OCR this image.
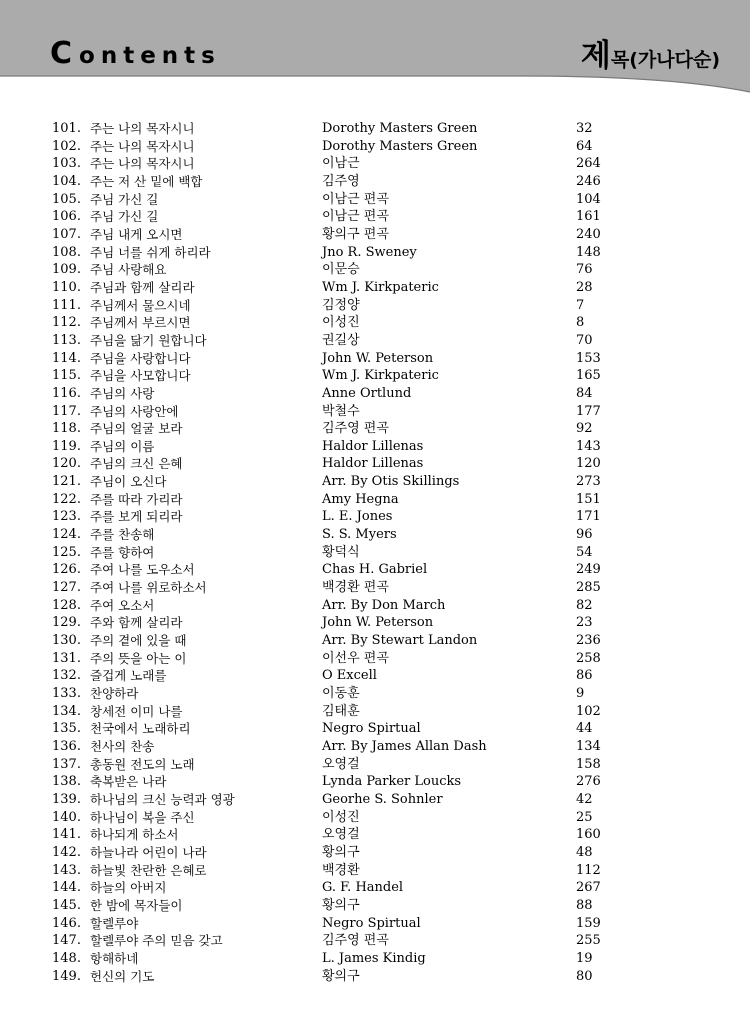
Contents	제목(가나다순)
101. 주는 나의 목자시니	Dorothy Masters Green	32
102. 주는 나의 목자시니	Dorothy Masters Green	64
103. 주는 나의 목자시니	이남근	264
104. 주는 저 산 밑에 백합	김주영	246
105. 주님 가신 길	이남근 편곡	104
106. 주님 가신 길	이남근 편곡	161
107. 주님 내게 오시면	황의구 편곡	240
108. 주님 너를 쉬게 하리라	Jno R. Sweney	148
109. 주님 사랑해요	이문승	76
110. 주님과 함께 살리라	Wm J. Kirkpateric	28
111. 주님께서 물으시네	김정양	7
112. 주님께서 부르시면	이성진	8
113. 주님을 닮기 원합니다	권길상	70
114. 주님을 사랑합니다	John W. Peterson	153
115. 주님을 사모합니다	Wm J. Kirkpateric	165
116. 주님의 사랑	Anne Ortlund	84
117. 주님의 사랑안에	박철수	177
118. 주님의 얼굴 보라	김주영 편곡	92
119. 주님의 이름	Haldor Lillenas	143
120. 주님의 크신 은혜	Haldor Lillenas	120
121. 주님이 오신다	Arr. By Otis Skillings	273
122. 주를 따라 가리라	Amy Hegna	151
123. 주를 보게 되리라	L. E. Jones	171
124. 주를 찬송해	S. S. Myers	96
125. 주를 향하여	황덕식	54
126. 주여 나를 도우소서	Chas H. Gabriel	249
127. 주여 나를 위로하소서	백경환 편곡	285
128. 주여 오소서	Arr. By Don March	82
129. 주와 함께 살리라	John W. Peterson	23
130. 주의 곁에 있을 때	Arr. By Stewart Landon	236
131. 주의 뜻을 아는 이	이선우 편곡	258
132. 즐겁게 노래를	O Excell	86
133. 찬양하라	이동훈	9
134. 창세전 이미 나를	김태훈	102
135. 천국에서 노래하리	Negro Spirtual	44
136. 천사의 찬송	Arr. By James Allan Dash	134
137. 총동원 전도의 노래	오영걸	158
138. 축복받은 나라	Lynda Parker Loucks	276
139. 하나님의 크신 능력과 영광	Georhe S. Sohnler	42
140. 하나님이 복을 주신	이성진	25
141. 하나되게 하소서	오영걸	160
142. 하늘나라 어린이 나라	황의구	48
143. 하늘빛 찬란한 은혜로	백경환	112
144. 하늘의 아버지	G. F. Handel	267
145. 한 밤에 목자들이	황의구	88
146. 할렐루야	Negro Spirtual	159
147. 할렐루야 주의 믿음 갖고	김주영 편곡	255
148. 항해하네	L. James Kindig	19
149. 헌신의 기도	황의구	80
